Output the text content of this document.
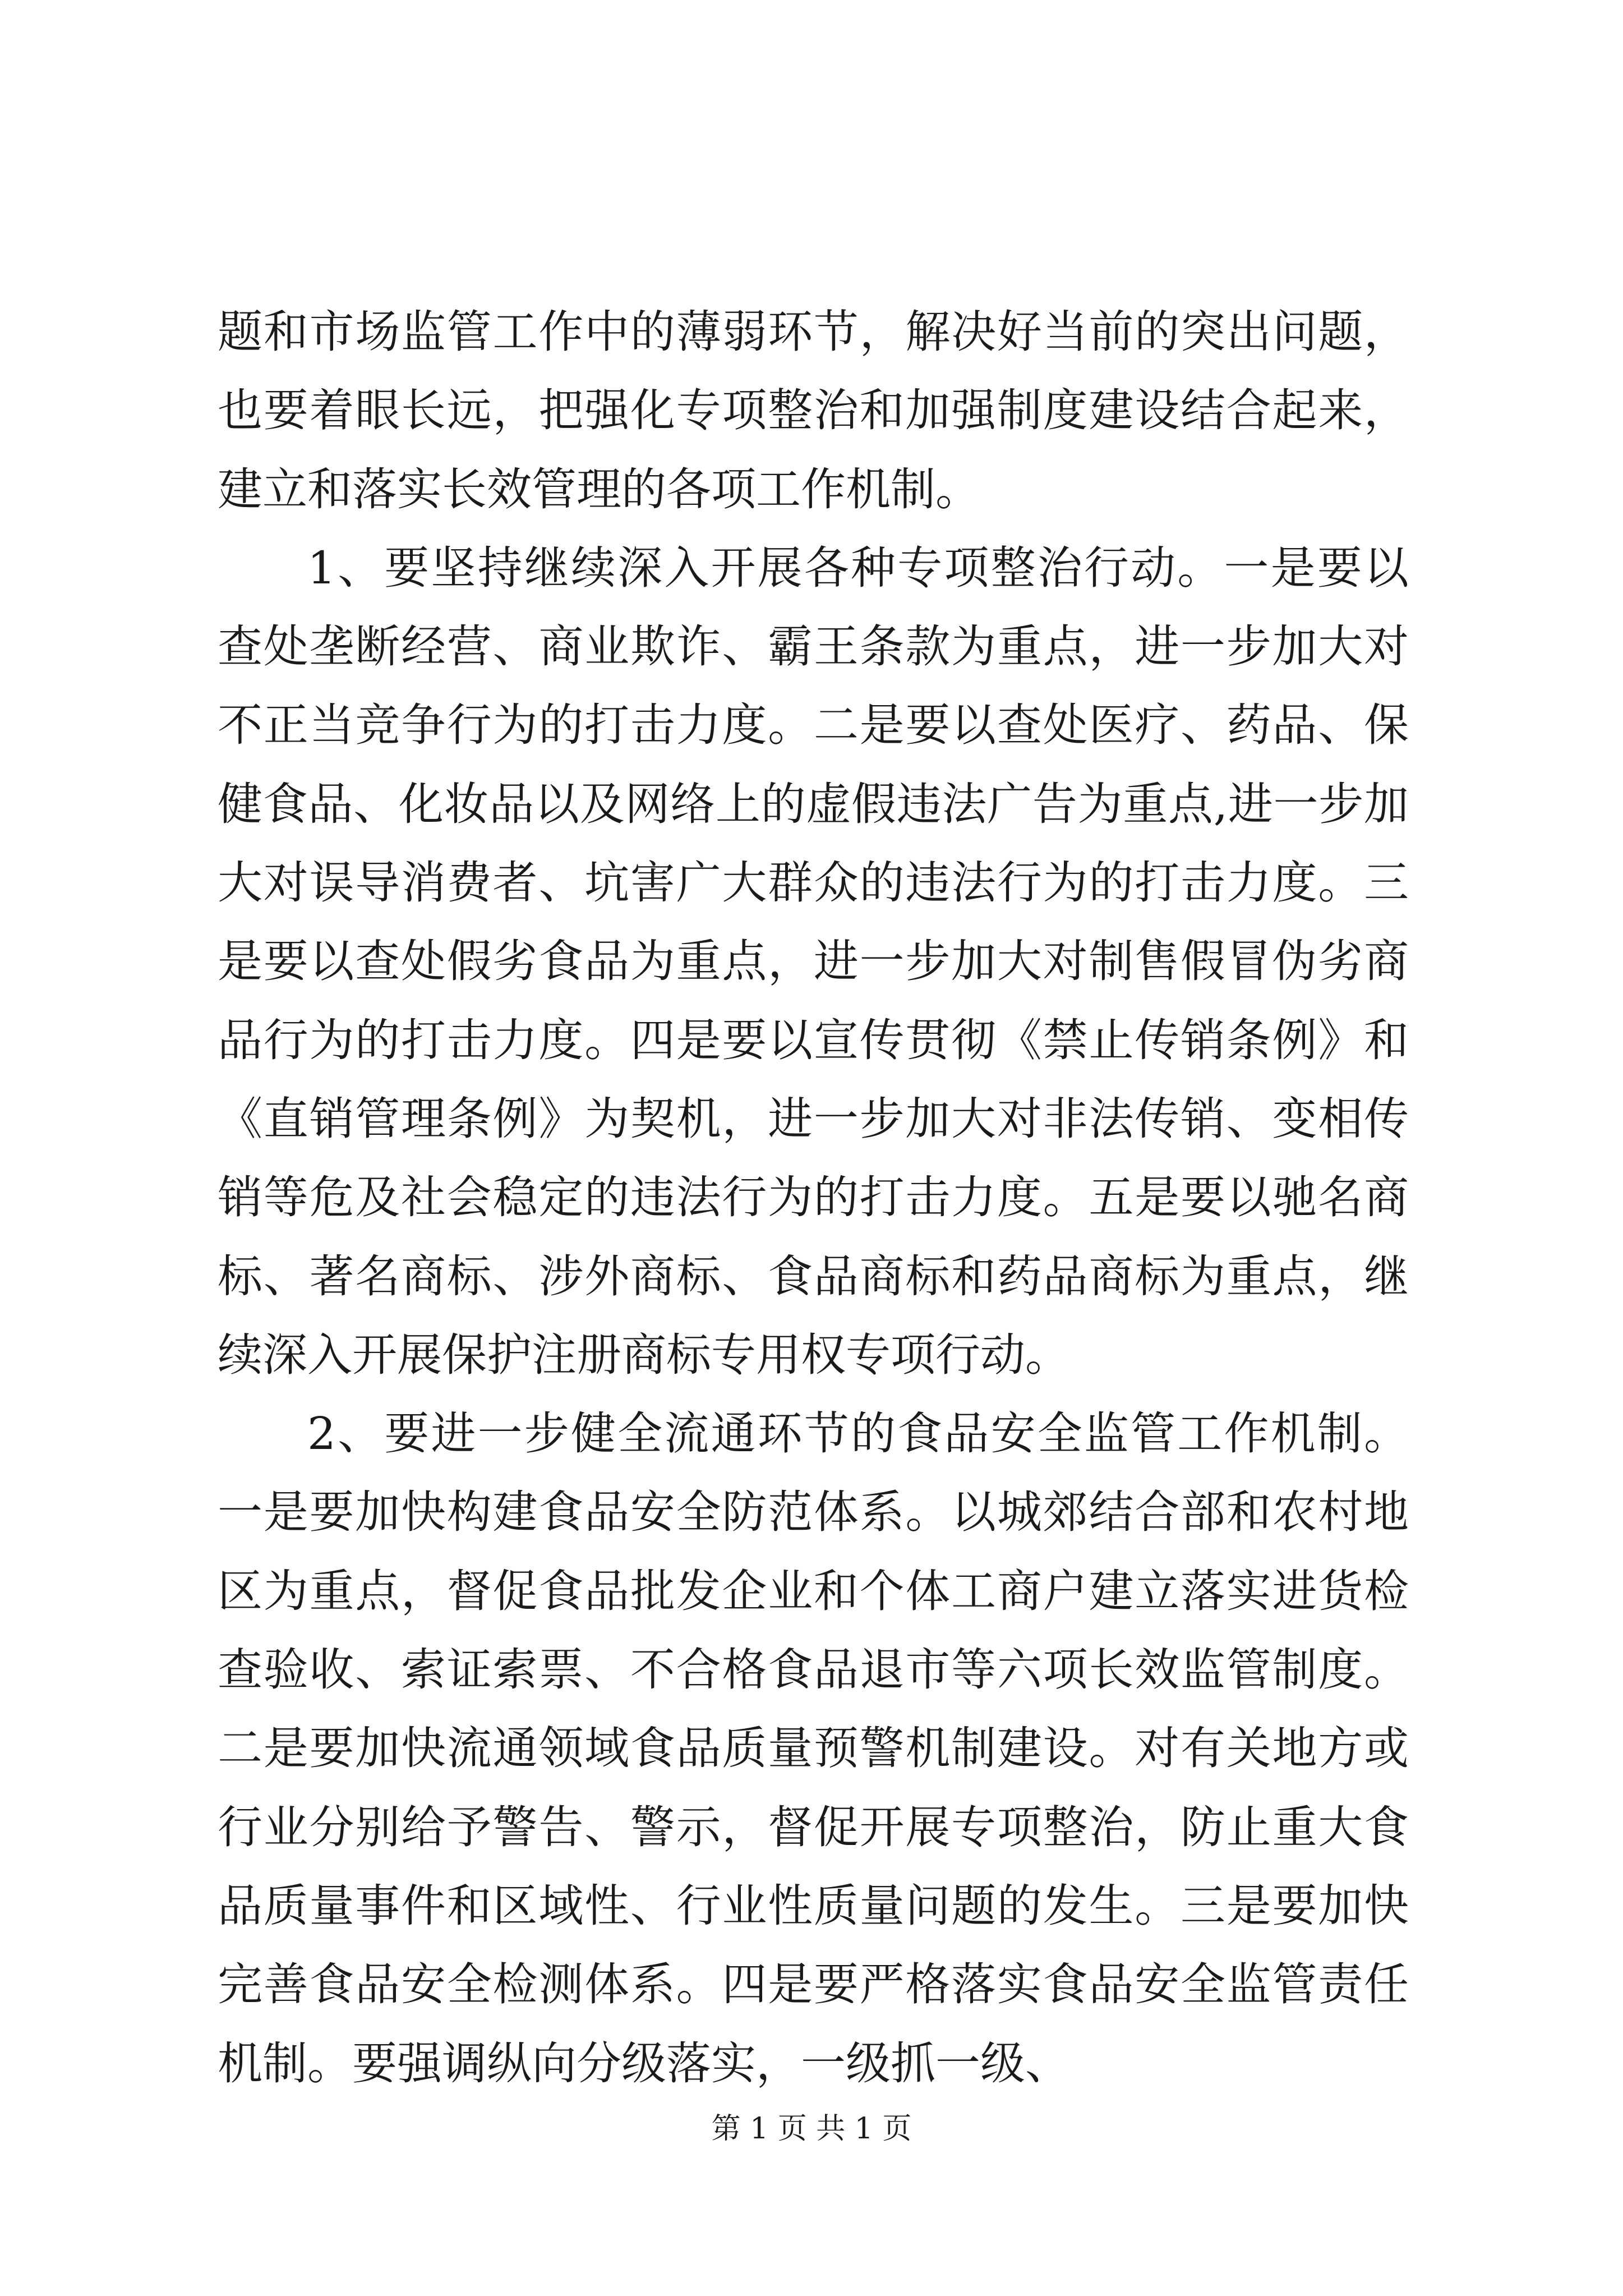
题和市场监管工作中的薄弱环节，解决好当前的突出问题，也要着眼长远，把强化专项整治和加强制度建设结合起来，建立和落实长效管理的各项工作机制。

1、要坚持继续深入开展各种专项整治行动。一是要以查处垄断经营、商业欺诈、霸王条款为重点，进一步加大对不正当竞争行为的打击力度。二是要以查处医疗、药品、保健食品、化妆品以及网络上的虚假违法广告为重点,进一步加大对误导消费者、坑害广大群众的违法行为的打击力度。三是要以查处假劣食品为重点，进一步加大对制售假冒伪劣商品行为的打击力度。四是要以宣传贯彻《禁止传销条例》和《直销管理条例》为契机，进一步加大对非法传销、变相传销等危及社会稳定的违法行为的打击力度。五是要以驰名商标、著名商标、涉外商标、食品商标和药品商标为重点，继续深入开展保护注册商标专用权专项行动。

2、要进一步健全流通环节的食品安全监管工作机制。一是要加快构建食品安全防范体系。以城郊结合部和农村地区为重点，督促食品批发企业和个体工商户建立落实进货检查验收、索证索票、不合格食品退市等六项长效监管制度。二是要加快流通领域食品质量预警机制建设。对有关地方或行业分别给予警告、警示，督促开展专项整治，防止重大食品质量事件和区域性、行业性质量问题的发生。三是要加快完善食品安全检测体系。四是要严格落实食品安全监管责任机制。要强调纵向分级落实，一级抓一级、

第 1 页 共 1 页
